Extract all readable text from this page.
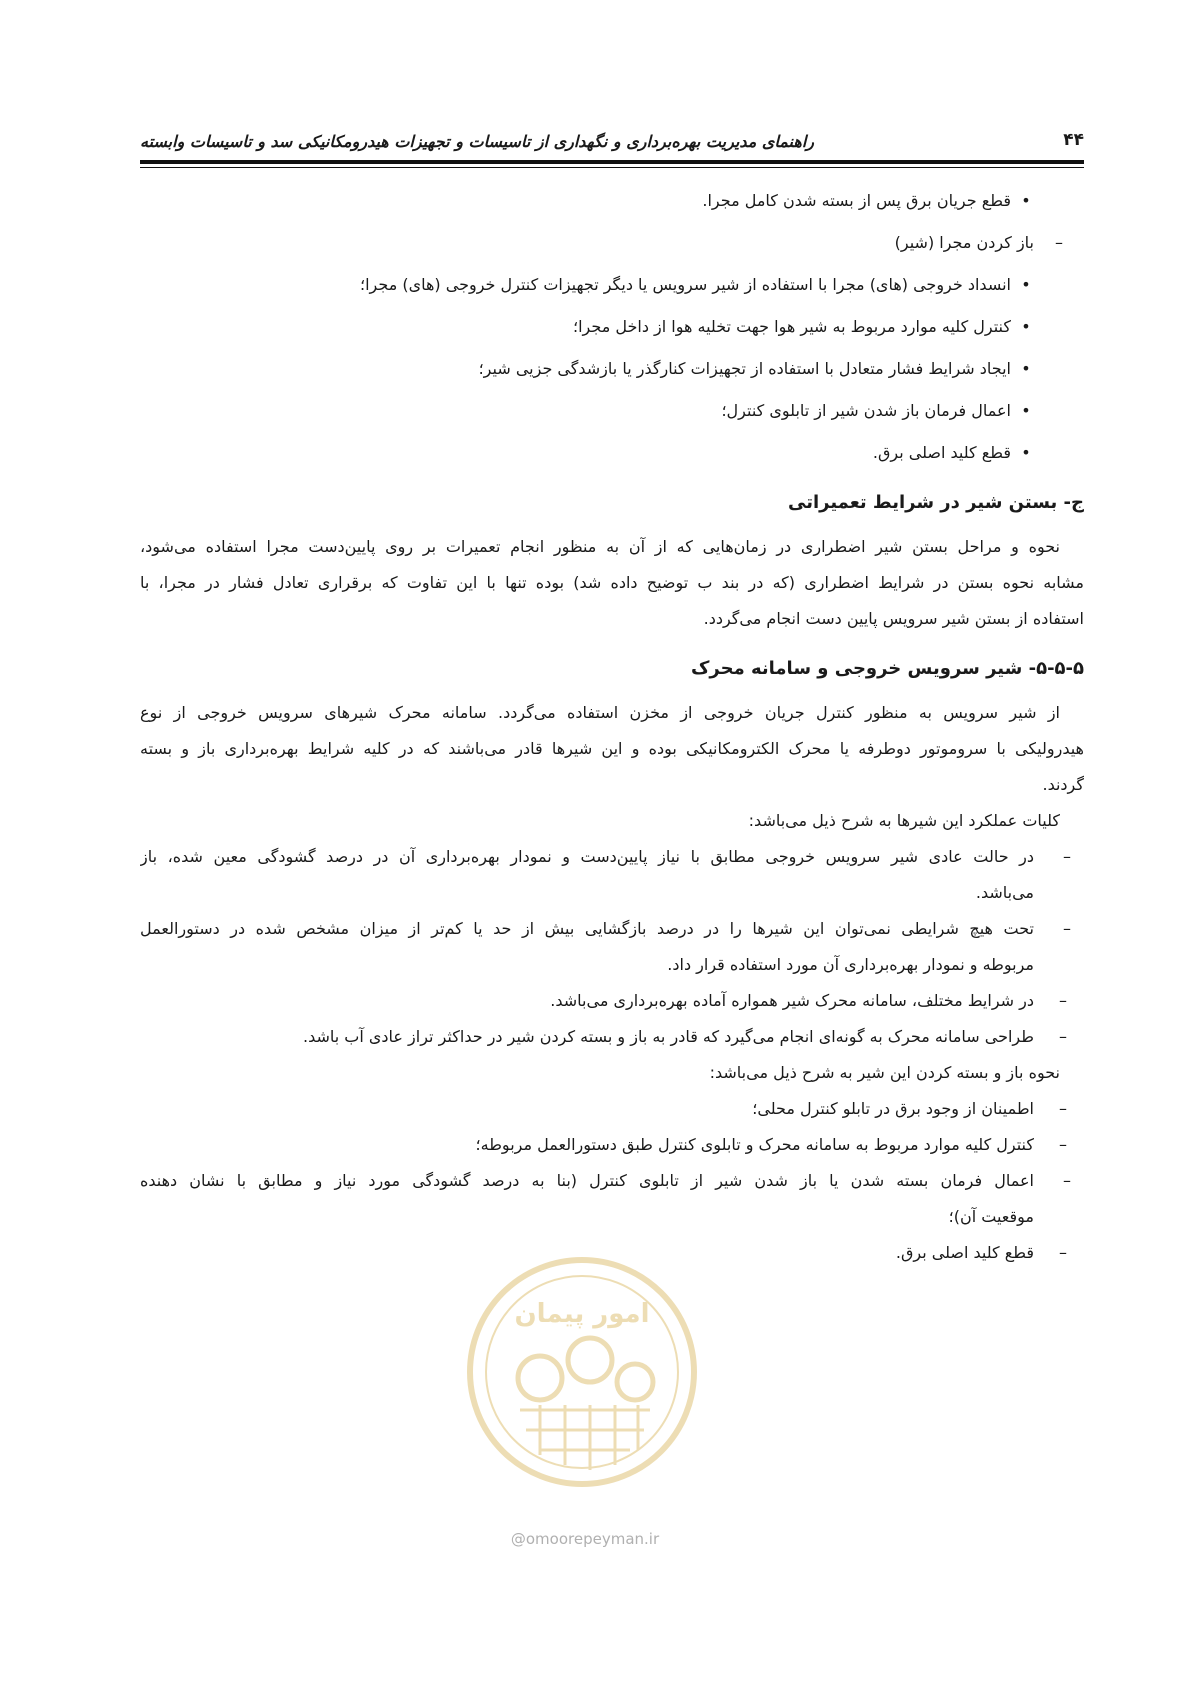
۴۴
راهنمای مدیریت بهره‌برداری و نگهداری از تاسیسات و تجهیزات هیدرومکانیکی سد و تاسیسات وابسته
•
قطع جریان برق پس از بسته شدن کامل مجرا.
–
باز کردن مجرا (شیر)
•
انسداد خروجی (های) مجرا با استفاده از شیر سرویس یا دیگر تجهیزات کنترل خروجی (های) مجرا؛
•
کنترل کلیه موارد مربوط به شیر هوا جهت تخلیه هوا از داخل مجرا؛
•
ایجاد شرایط فشار متعادل با استفاده از تجهیزات کنارگذر یا بازشدگی جزیی شیر؛
•
اعمال فرمان باز شدن شیر از تابلوی کنترل؛
•
قطع کلید اصلی برق.
ج- بستن شیر در شرایط تعمیراتی
نحوه و مراحل بستن شیر اضطراری در زمان‌هایی که از آن به منظور انجام تعمیرات بر روی پایین‌دست مجرا استفاده می‌شود،
مشابه نحوه بستن در شرایط اضطراری (که در بند ب توضیح داده شد) بوده تنها با این تفاوت که برقراری تعادل فشار در مجرا، با
استفاده از بستن شیر سرویس پایین دست انجام می‌گردد.
۵-۵-۵- شیر سرویس خروجی و سامانه محرک
از شیر سرویس به منظور کنترل جریان خروجی از مخزن استفاده می‌گردد. سامانه محرک شیرهای سرویس خروجی از نوع
هیدرولیکی با سروموتور دوطرفه یا محرک الکترومکانیکی بوده و این شیرها قادر می‌باشند که در کلیه شرایط بهره‌برداری باز و بسته
گردند.
کلیات عملکرد این شیرها به شرح ذیل می‌باشد:
–
در حالت عادی شیر سرویس خروجی مطابق با نیاز پایین‌دست و نمودار بهره‌برداری آن در درصد گشودگی معین شده، باز
می‌باشد.
–
تحت هیچ شرایطی نمی‌توان این شیرها را در درصد بازگشایی بیش از حد یا کم‌تر از میزان مشخص شده در دستورالعمل
مربوطه و نمودار بهره‌برداری آن مورد استفاده قرار داد.
–
در شرایط مختلف، سامانه محرک شیر همواره آماده بهره‌برداری می‌باشد.
–
طراحی سامانه محرک به گونه‌ای انجام می‌گیرد که قادر به باز و بسته کردن شیر در حداکثر تراز عادی آب باشد.
نحوه باز و بسته کردن این شیر به شرح ذیل می‌باشد:
–
اطمینان از وجود برق در تابلو کنترل محلی؛
–
کنترل کلیه موارد مربوط به سامانه محرک و تابلوی کنترل طبق دستورالعمل مربوطه؛
–
اعمال فرمان بسته شدن یا باز شدن شیر از تابلوی کنترل (بنا به درصد گشودگی مورد نیاز و مطابق با نشان دهنده
موقعیت آن)؛
–
قطع کلید اصلی برق.
امور پیمان
@omoorepeyman.ir
